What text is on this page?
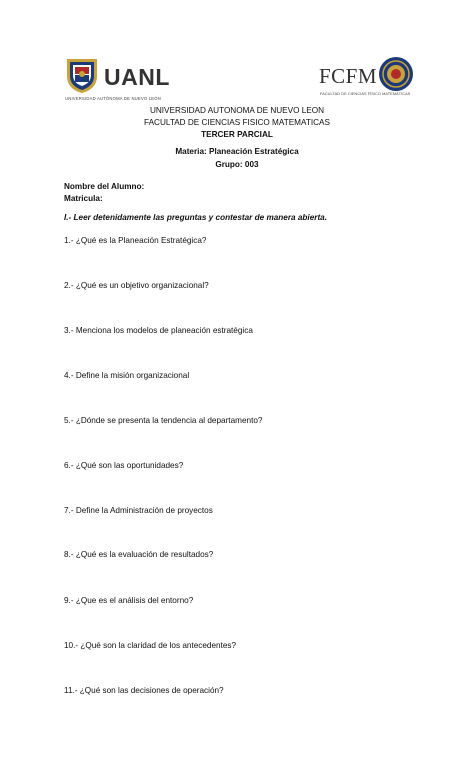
UANL
UNIVERSIDAD AUTÓNOMA DE NUEVO LEÓN
FCFM
FACULTAD DE CIENCIAS FÍSICO MATEMÁTICAS
UNIVERSIDAD AUTONOMA DE NUEVO LEON
FACULTAD DE CIENCIAS FISICO MATEMATICAS
TERCER PARCIAL
Materia: Planeación Estratégica
Grupo: 003
Nombre del Alumno:
Matricula:
I.- Leer detenidamente las preguntas y contestar de manera abierta.
1.- ¿Qué es la Planeación Estratégica?
2.- ¿Qué es un objetivo organizacional?
3.- Menciona los modelos de planeación estratégica
4.- Define la misión organizacional
5.- ¿Dónde se presenta la tendencia al departamento?
6.- ¿Qué son las oportunidades?
7.- Define la Administración de proyectos
8.- ¿Qué es la evaluación de resultados?
9.- ¿Que es el análisis del entorno?
10.- ¿Qué son la claridad de los antecedentes?
11.- ¿Qué son las decisiones de operación?
